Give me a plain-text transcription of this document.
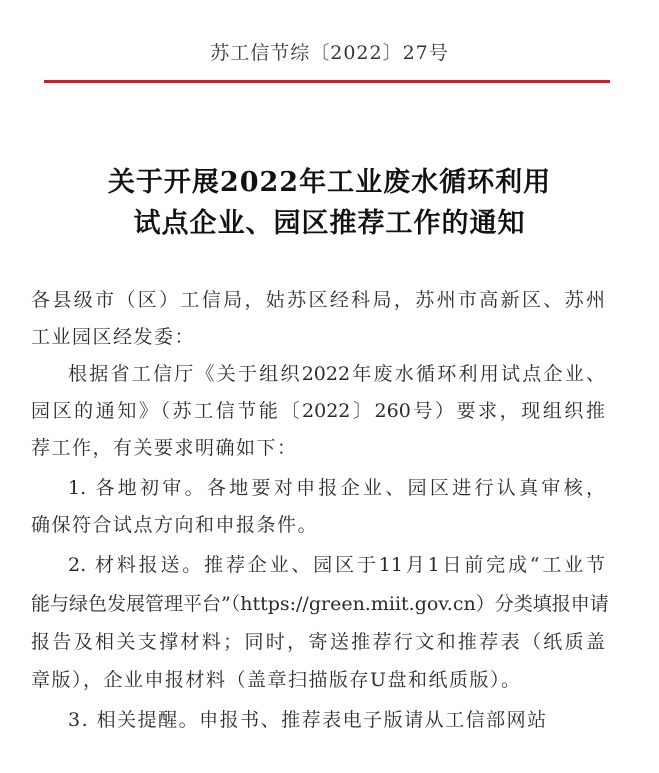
苏工信节综〔2022〕27号
关于开展2022年工业废水循环利用
试点企业、园区推荐工作的通知
各县级市（区）工信局，姑苏区经科局，苏州市高新区、苏州
工业园区经发委：
根据省工信厅《关于组织2022年废水循环利用试点企业、
园区的通知》（苏工信节能〔2022〕260号）要求，现组织推
荐工作，有关要求明确如下：
1. 各地初审。各地要对申报企业、园区进行认真审核，
确保符合试点方向和申报条件。
2. 材料报送。推荐企业、园区于11月1日前完成“工业节
能与绿色发展管理平台”（https://green.miit.gov.cn）分类填报申请
报告及相关支撑材料；同时，寄送推荐行文和推荐表（纸质盖
章版），企业申报材料（盖章扫描版存U盘和纸质版）。
3. 相关提醒。申报书、推荐表电子版请从工信部网站
